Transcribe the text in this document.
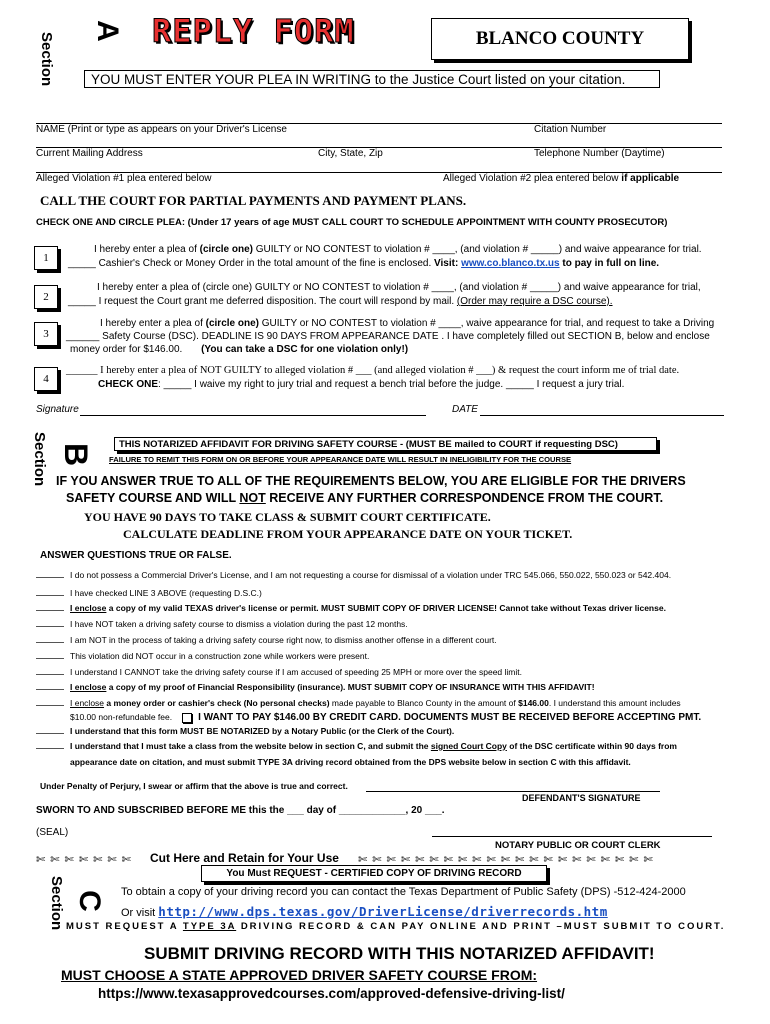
Section
A REPLY FORM	BLANCO COUNTY
YOU MUST ENTER YOUR PLEA IN WRITING to the Justice Court listed on your citation.
NAME (Print or type as appears on your Driver's License	Citation Number
Current Mailing Address	City, State, Zip	Telephone Number (Daytime)
Alleged Violation #1 plea entered below	Alleged Violation #2 plea entered below if applicable
CALL THE COURT FOR PARTIAL PAYMENTS AND PAYMENT PLANS.
CHECK ONE AND CIRCLE PLEA: (Under 17 years of age MUST CALL COURT TO SCHEDULE APPOINTMENT WITH COUNTY PROSECUTOR)
1
I hereby enter a plea of (circle one) GUILTY or NO CONTEST to violation # ____, (and violation # _____) and waive appearance for trial.
_____ Cashier's Check or Money Order in the total amount of the fine is enclosed. Visit: www.co.blanco.tx.us to pay in full on line.
2
I hereby enter a plea of (circle one) GUILTY or NO CONTEST to violation # ____, (and violation # _____) and waive appearance for trial,
_____ I request the Court grant me deferred disposition. The court will respond by mail. (Order may require a DSC course).
3
I hereby enter a plea of (circle one) GUILTY or NO CONTEST to violation # ____, waive appearance for trial, and request to take a Driving
______ Safety Course (DSC). DEADLINE IS 90 DAYS FROM APPEARANCE DATE . I have completely filled out SECTION B, below and enclose
money order for $146.00. (You can take a DSC for one violation only!)
4
______ I hereby enter a plea of NOT GUILTY to alleged violation # ___ (and alleged violation # ___) & request the court inform me of trial date.
CHECK ONE: _____ I waive my right to jury trial and request a bench trial before the judge. _____ I request a jury trial.
Signature	DATE
Section B	THIS NOTARIZED AFFIDAVIT FOR DRIVING SAFETY COURSE - (MUST BE mailed to COURT if requesting DSC)
FAILURE TO REMIT THIS FORM ON OR BEFORE YOUR APPEARANCE DATE WILL RESULT IN INELIGIBILITY FOR THE COURSE
IF YOU ANSWER TRUE TO ALL OF THE REQUIREMENTS BELOW, YOU ARE ELIGIBLE FOR THE DRIVERS
SAFETY COURSE AND WILL NOT RECEIVE ANY FURTHER CORRESPONDENCE FROM THE COURT.
YOU HAVE 90 DAYS TO TAKE CLASS & SUBMIT COURT CERTIFICATE.
CALCULATE DEADLINE FROM YOUR APPEARANCE DATE ON YOUR TICKET.
ANSWER QUESTIONS TRUE OR FALSE.
I do not possess a Commercial Driver's License, and I am not requesting a course for dismissal of a violation under TRC 545.066, 550.022, 550.023 or 542.404.
I have checked LINE 3 ABOVE (requesting D.S.C.)
I enclose a copy of my valid TEXAS driver's license or permit. MUST SUBMIT COPY OF DRIVER LICENSE! Cannot take without Texas driver license.
I have NOT taken a driving safety course to dismiss a violation during the past 12 months.
I am NOT in the process of taking a driving safety course right now, to dismiss another offense in a different court.
This violation did NOT occur in a construction zone while workers were present.
I understand I CANNOT take the driving safety course if I am accused of speeding 25 MPH or more over the speed limit.
I enclose a copy of my proof of Financial Responsibility (insurance). MUST SUBMIT COPY OF INSURANCE WITH THIS AFFIDAVIT!
I enclose a money order or cashier's check (No personal checks) made payable to Blanco County in the amount of $146.00. I understand this amount includes
$10.00 non-refundable fee.	I WANT TO PAY $146.00 BY CREDIT CARD. DOCUMENTS MUST BE RECEIVED BEFORE ACCEPTING PMT.
I understand that this form MUST BE NOTARIZED by a Notary Public (or the Clerk of the Court).
I understand that I must take a class from the website below in section C, and submit the signed Court Copy of the DSC certificate within 90 days from
appearance date on citation, and must submit TYPE 3A driving record obtained from the DPS website below in section C with this affidavit.
Under Penalty of Perjury, I swear or affirm that the above is true and correct.
DEFENDANT'S SIGNATURE
SWORN TO AND SUBSCRIBED BEFORE ME this the ___ day of ____________, 20 ___.
(SEAL)
NOTARY PUBLIC OR COURT CLERK
✄ ✄ ✄ ✄ ✄ ✄ ✄ Cut Here and Retain for Your Use ✄ ✄ ✄ ✄ ✄ ✄ ✄ ✄ ✄ ✄ ✄ ✄ ✄ ✄ ✄ ✄ ✄ ✄ ✄ ✄ ✄
Section C
You Must REQUEST - CERTIFIED COPY OF DRIVING RECORD
To obtain a copy of your driving record you can contact the Texas Department of Public Safety (DPS) -512-424-2000
Or visit http://www.dps.texas.gov/DriverLicense/driverrecords.htm
MUST REQUEST A TYPE 3A DRIVING RECORD & CAN PAY ONLINE AND PRINT –MUST SUBMIT TO COURT.
SUBMIT DRIVING RECORD WITH THIS NOTARIZED AFFIDAVIT!
MUST CHOOSE A STATE APPROVED DRIVER SAFETY COURSE FROM:
https://www.texasapprovedcourses.com/approved-defensive-driving-list/
